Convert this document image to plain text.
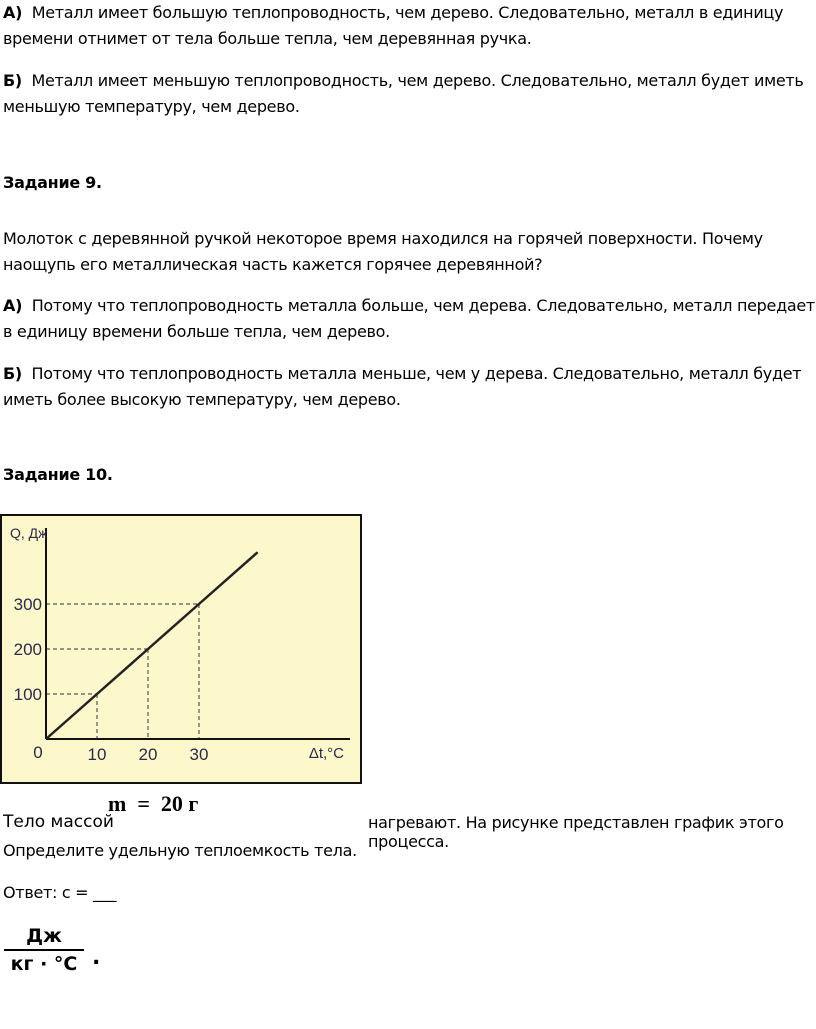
А) Металл имеет большую теплопроводность, чем дерево. Следовательно, металл в единицу времени отнимет от тела больше тепла, чем деревянная ручка.

Б) Металл имеет меньшую теплопроводность, чем дерево. Следовательно, металл будет иметь меньшую температуру, чем дерево.

Задание 9.

Молоток с деревянной ручкой некоторое время находился на горячей поверхности. Почему наощупь его металлическая часть кажется горячее деревянной?

А) Потому что теплопроводность металла больше, чем дерева. Следовательно, металл передает в единицу времени больше тепла, чем дерево.

Б) Потому что теплопроводность металла меньше, чем у дерева. Следовательно, металл будет иметь более высокую температуру, чем дерево.

Задание 10.

Q, Дж
Δt,°C
0
100
200
300
10 20 30
m  =  20 г
Тело массой	нагревают. На рисунке представлен график этого процесса.

Определите удельную теплоемкость тела.

Ответ: с = ___

Дж
кг · °С .
